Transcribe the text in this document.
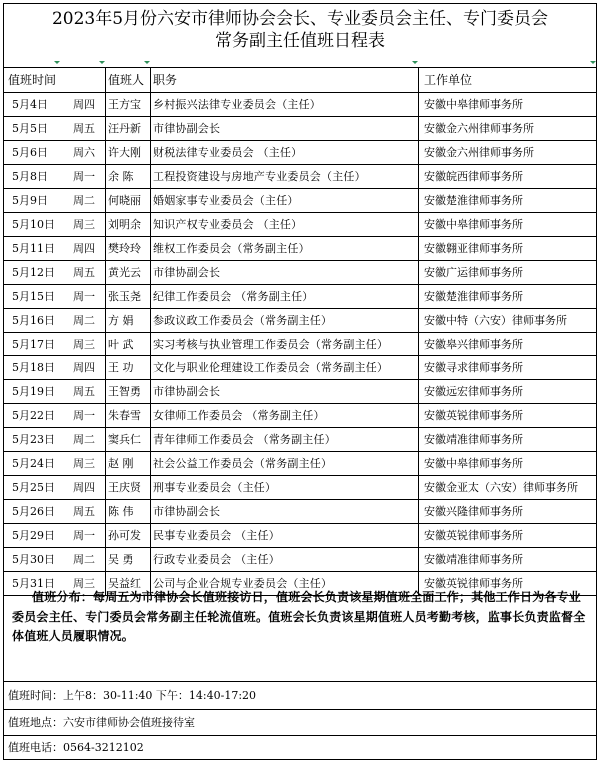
2023年5月份六安市律师协会会长、专业委员会主任、专门委员会
常务副主任值班日程表
值班时间	值班人 职务	工作单位
5月4日	周四	王方宝	乡村振兴法律专业委员会（主任）	安徽中皋律师事务所
5月5日	周五	汪丹新	市律协副会长	安徽金六州律师事务所
5月6日	周六	许大刚	财税法律专业委员会 （主任）	安徽金六州律师事务所
5月8日	周一	余 陈	工程投资建设与房地产专业委员会（主任）	安徽皖西律师事务所
5月9日	周二	何晓丽	婚姻家事专业委员会（主任）	安徽楚淮律师事务所
5月10日	周三	刘明余	知识产权专业委员会 （主任）	安徽中皋律师事务所
5月11日	周四	樊玲玲	维权工作委员会（常务副主任）	安徽翱亚律师事务所
5月12日	周五	黄光云	市律协副会长	安徽广运律师事务所
5月15日	周一	张玉尧	纪律工作委员会 （常务副主任）	安徽楚淮律师事务所
5月16日	周二	方 娟	参政议政工作委员会（常务副主任）	安徽中特（六安）律师事务所
5月17日	周三	叶 武	实习考核与执业管理工作委员会（常务副主任）	安徽皋兴律师事务所
5月18日	周四	王 功	文化与职业伦理建设工作委员会（常务副主任）	安徽寻求律师事务所
5月19日	周五	王智勇	市律协副会长	安徽远宏律师事务所
5月22日	周一	朱春雪	女律师工作委员会 （常务副主任）	安徽英锐律师事务所
5月23日	周二	窦兵仁	青年律师工作委员会 （常务副主任）	安徽靖准律师事务所
5月24日	周三	赵 刚	社会公益工作委员会（常务副主任）	安徽中皋律师事务所
5月25日	周四	王庆贤	刑事专业委员会（主任）	安徽金亚太（六安）律师事务所
5月26日	周五	陈 伟	市律协副会长	安徽兴隆律师事务所
5月29日	周一	孙可发	民事专业委员会 （主任）	安徽英锐律师事务所
5月30日	周二	吴 勇	行政专业委员会 （主任）	安徽靖准律师事务所
5月31日	周三	吴益红	公司与企业合规专业委员会（主任）	安徽英锐律师事务所
值班分布：每周五为市律协会长值班接访日，值班会长负责该星期值班全面工作；其他工作日为各专业委员会主任、专门委员会常务副主任轮流值班。值班会长负责该星期值班人员考勤考核，监事长负责监督全体值班人员履职情况。
值班时间：上午8：30-11:40 下午：14:40-17:20
值班地点：六安市律师协会值班接待室
值班电话：0564-3212102
